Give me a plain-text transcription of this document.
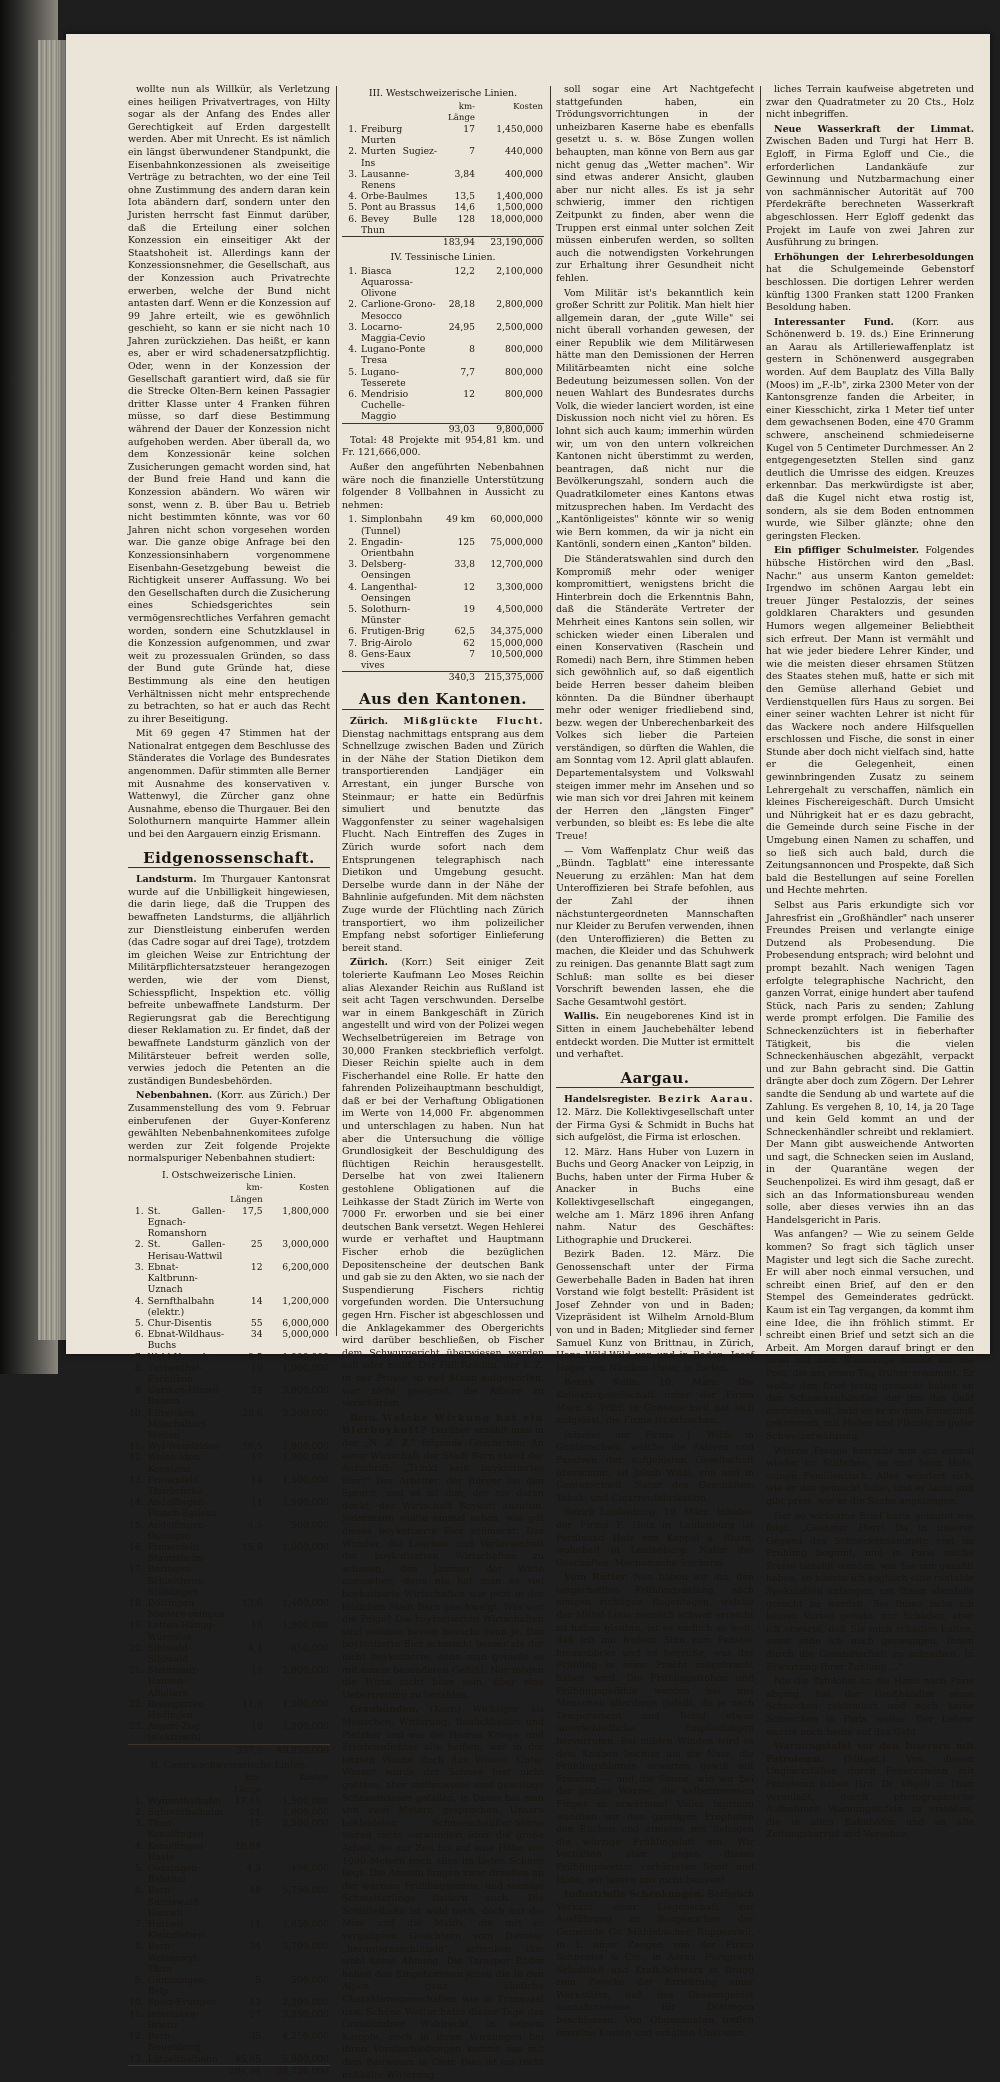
wollte nun als Willkür, als Verletzung eines heiligen Privatvertrages, von Hilty sogar als der Anfang des Endes aller Gerechtigkeit auf Erden dargestellt werden. Aber mit Unrecht. Es ist nämlich ein längst überwundener Standpunkt, die Eisenbahnkonzessionen als zweiseitige Verträge zu betrachten, wo der eine Teil ohne Zustimmung des andern daran kein Iota abändern darf, sondern unter den Juristen herrscht fast Einmut darüber, daß die Erteilung einer solchen Konzession ein einseitiger Akt der Staatshoheit ist. Allerdings kann der Konzessionsnehmer, die Gesellschaft, aus der Konzession auch Privatrechte erwerben, welche der Bund nicht antasten darf. Wenn er die Konzession auf 99 Jahre erteilt, wie es gewöhnlich geschieht, so kann er sie nicht nach 10 Jahren zurückziehen. Das heißt, er kann es, aber er wird schadenersatzpflichtig. Oder, wenn in der Konzession der Gesellschaft garantiert wird, daß sie für die Strecke Olten-Bern keinen Passagier dritter Klasse unter 4 Franken führen müsse, so darf diese Bestimmung während der Dauer der Konzession nicht aufgehoben werden. Aber überall da, wo dem Konzessionär keine solchen Zusicherungen gemacht worden sind, hat der Bund freie Hand und kann die Konzession abändern. Wo wären wir sonst, wenn z. B. über Bau u. Betrieb nicht bestimmten könnte, was vor 60 Jahren nicht schon vorgesehen worden war. Die ganze obige Anfrage bei den Konzessionsinhabern vorgenommene Eisenbahn-Gesetzgebung beweist die Richtigkeit unserer Auffassung. Wo bei den Gesellschaften durch die Zusicherung eines Schiedsgerichtes sein vermögensrechtliches Verfahren gemacht worden, sondern eine Schutzklausel in die Konzession aufgenommen, und zwar weit zu prozessualen Gründen, so dass der Bund gute Gründe hat, diese Bestimmung als eine den heutigen Verhältnissen nicht mehr entsprechende zu betrachten, so hat er auch das Recht zu ihrer Beseitigung.

Mit 69 gegen 47 Stimmen hat der Nationalrat entgegen dem Beschlusse des Ständerates die Vorlage des Bundesrates angenommen. Dafür stimmten alle Berner mit Ausnahme des konservativen v. Wattenwyl, die Zürcher ganz ohne Ausnahme, ebenso die Thurgauer. Bei den Solothurnern manquirte Hammer allein und bei den Aargauern einzig Erismann.

Eidgenossenschaft.

Landsturm. Im Thurgauer Kantonsrat wurde auf die Unbilligkeit hingewiesen, die darin liege, daß die Truppen des bewaffneten Landsturms, die alljährlich zur Dienstleistung einberufen werden (das Cadre sogar auf drei Tage), trotzdem im gleichen Weise zur Entrichtung der Militärpflichtersatzsteuer herangezogen werden, wie der vom Dienst, Schiesspflicht, Inspektion etc. völlig befreite unbewaffnete Landsturm. Der Regierungsrat gab die Berechtigung dieser Reklamation zu. Er findet, daß der bewaffnete Landsturm gänzlich von der Militärsteuer befreit werden solle, verwies jedoch die Petenten an die zuständigen Bundesbehörden.

Nebenbahnen. (Korr. aus Zürich.) Der Zusammenstellung des vom 9. Februar einberufenen der Guyer-Konferenz gewählten Nebenbahnenkomitees zufolge werden zur Zeit folgende Projekte normalspuriger Nebenbahnen studiert:

I. Ostschweizerische Linien.
		km-Längen	Kosten
1.	St. Gallen-Egnach-Romanshorn	17,5	1,800,000
2.	St. Gallen-Herisau-Wattwil	25	3,000,000
3.	Ebnat-Kaltbrunn-Uznach	12	6,200,000
4.	Sernfthalbahn (elektr.)	14	1,200,000
5.	Chur-Disentis	55	6,000,000
6.	Ebnat-Wildhaus-Buchs	34	5,000,000
7.	Wald-Uznach	9,5	1,000,000
8.	Turbenthal-Eschlikon	10	1,000,000
9.	Uerikon-Hinwil-Bauma	24	3,000,000
10.	Effretikon-Mönchaltorf-Meilen	28,6	3,200,000
11.	Wyl-Weinfelden	16,5	1,800,000
12.	Weinfelden-Konstanz	17	1,900,000
13.	Frauenfeld-Thurbrücke	14	1,500,000
14.	Andelfingen-Flaach-Eglisau	11	1,500,000
15.	Andelfingen-Ossingen	4,5	500,000
16.	Frauenfeld-Stammheim	15,8	1,000,000
17.	Beringen-Schleitheim-Stühlingen		
18.	Döttingen Niederweningen	13,6	1,400,000
19.	Letten-Hängg-Würenlos	16	1,800,000
20.	Sihlwald-Sihlwald	4,1	650,000
21.	Steinmaur-Hausen-Affoltern	19	2,000,000
22.	Bremgarten-Hedingen	11,8	1,200,000
23.	Aegeri-Zug (elektrisch)	10	1,200,000
		397,9	49,950,000
II. Centralschweizerische Linien.
		km-Länge	Kosten
1.	Wynenthalbahn	17,15	1,500,000
2.	Suhrenthalbahn	21	1,600,000
3.	Thun-Konolfingen	15	2,500,000
4.	Konolfingen-Hasle	18,84	
5.	Oensingen-Balsthal	4,3	498,000
6.	Bern-Sumiswald-Huttwil	48	5,750,000
7.	Huttwil-Kleindietwyl	11	1,650,000
8.	Bern-Wattenwyl-Thun	34	3,700,000
9.	Gümmingen-Belp	5	500,000
10.	Spiez-Frutigen	13	2,200,000
11.	Interlaken-Brienz	17	3,250,000
12.	Bern-Neuenburg	35	4,250,000
13.	Lützelthalbahn	45,65	5,800,000
		284,94	38,726,000
III. Westschweizerische Linien.
		km-Länge	Kosten
1.	Freiburg Murten	17	1,450,000
2.	Murten Sugiez-Ins	7	440,000
3.	Lausanne-Renens	3,84	400,000
4.	Orbe-Baulmes	13,5	1,400,000
5.	Pont au Brassus	14,6	1,500,000
6.	Bevey Bulle Thun	128	18,000,000
		183,94	23,190,000
IV. Tessinische Linien.
1.	Biasca Aquarossa-Olivone	12,2	2,100,000
2.	Carlione-Grono-Mesocco	28,18	2,800,000
3.	Locarno-Maggia-Cevio	24,95	2,500,000
4.	Lugano-Ponte Tresa	8	800,000
5.	Lugano-Tesserete	7,7	800,000
6.	Mendrisio Cuchelle-Maggio	12	800,000
		93,03	9,800,000

Total: 48 Projekte mit 954,81 km. und Fr. 121,666,000.

Außer den angeführten Nebenbahnen wäre noch die finanzielle Unterstützung folgender 8 Vollbahnen in Aussicht zu nehmen:

1.	Simplonbahn (Tunnel)	49 km	60,000,000
2.	Engadin-Orientbahn	125	75,000,000
3.	Delsberg-Oensingen	33,8	12,700,000
4.	Langenthal-Oensingen	12	3,300,000
5.	Solothurn-Münster	19	4,500,000
6.	Frutigen-Brig	62,5	34,375,000
7.	Brig-Airolo	62	15,000,000
8.	Gens-Eaux vives	7	10,500,000
		340,3	215,375,000
Aus den Kantonen.

Zürich. Mißglückte Flucht. Dienstag nachmittags entsprang aus dem Schnellzuge zwischen Baden und Zürich in der Nähe der Station Dietikon dem transportierenden Landjäger ein Arrestant, ein junger Bursche von Steinmaur; er hatte ein Bedürfnis simuliert und benutzte das Waggonfenster zu seiner wagehalsigen Flucht. Nach Eintreffen des Zuges in Zürich wurde sofort nach dem Entsprungenen telegraphisch nach Dietikon und Umgebung gesucht. Derselbe wurde dann in der Nähe der Bahnlinie aufgefunden. Mit dem nächsten Zuge wurde der Flüchtling nach Zürich transportiert, wo ihm polizeilicher Empfang nebst sofortiger Einlieferung bereit stand.

Zürich. (Korr.) Seit einiger Zeit tolerierte Kaufmann Leo Moses Reichin alias Alexander Reichin aus Rußland ist seit acht Tagen verschwunden. Derselbe war in einem Bankgeschäft in Zürich angestellt und wird von der Polizei wegen Wechselbetrügereien im Betrage von 30,000 Franken steckbrieflich verfolgt. Dieser Reichin spielte auch in dem Fischerhandel eine Rolle. Er hatte den fahrenden Polizeihauptmann beschuldigt, daß er bei der Verhaftung Obligationen im Werte von 14,000 Fr. abgenommen und unterschlagen zu haben. Nun hat aber die Untersuchung die völlige Grundlosigkeit der Beschuldigung des flüchtigen Reichin herausgestellt. Derselbe hat von zwei Italienern gestohlene Obligationen auf die Leihkasse der Stadt Zürich im Werte von 7000 Fr. erworben und sie bei einer deutschen Bank versetzt. Wegen Hehlerei wurde er verhaftet und Hauptmann Fischer erhob die bezüglichen Depositenscheine der deutschen Bank und gab sie zu den Akten, wo sie nach der Suspendierung Fischers richtig vorgefunden worden. Die Untersuchung gegen Hrn. Fischer ist abgeschlossen und die Anklagekammer des Obergerichts wird darüber beschließen, ob Fischer dem Schwurgericht überwiesen werden soll oder nicht. Der Fall Reichin, der s. Z. in der Presse so viel Staub aufgeworfen, war nicht geeignet, die Affaire zu verschärfen.

Bern. Welche Wirkung hat ein Bierboykott? Darüber erzählt man in der „N. Z. Z." folgende Geschichte: An einer Wirtschaft der Stadt Bern stand der Aufschrift: „Trinkt kein boykottiertes Bier!" Der Arbeiter, der Bürger las den Spruch, und es ist ihm, der nie daran denkt, der Wirtschaft Boykott anzutun. Jedermann wollte einmal sehen, wie gut dieses boykottierte Bier schmeckt. Das Wunder, die Leerheit und Verlassenheit der boykottierten Wirtschaften zu schauen, den Jammer der Wirte anzusehen; denn nie hat man so viel boykottierte Wirtschaften wie jetzt in der löblichen Stadt Bern geschwelgt. Was war die Folge? Die boykottierten Wirtschaften sind seitdem besser besucht denn je. Das boykottierte Bier schmeckt besser als der nicht boykottierte, denn man genießt es mit einem besonderen Gefühl. Nur mögen die Wirte nicht böse sein, über eine Uebertretung zu bezahlen.

Graubünden. (Korr.) Wichtiger als Menschen, Witterung, Baulichkeiten und Pietzker und wie die Herren Kriegs- und Friedensdichter alle heißen, war in der letzten Woche doch das Wetter. Unter Wasser wurde der Schnee hier nicht gelitten, aber stellenweise sind gewaltige Schneemassen gefallen, in Davos hat man von zwei Metern gesprochen. Unsere bekleideten Schneeschaufler-Söhne waren recht verwundert über die große Arbeit, die zur Zeit bis auf eine Höhe von 1000 Metern noch alles im tiefen Schnee liegt. Die Amseln fangen zwar draußen an der warmen Frühlingssonne, und sonnige Schmetterlinge flattern auch. Die Schlittelbahn ist wohl noch, doch nur die Miss und die Maids, die mit so vergnügten Gesichtern vom Davoser „herunterzuschlitteln", schenken ihm wohl keine Ahnung. Die Tarasper Bäder haben den Eingeborenen jenen die in den Alpen ganz ähnliche Charaktereigenschaften wie in Transvaal usw. Schöne Wetter hatte dieser Tage das Graubündner Wahlrecht, in seinem Kampfe, noch in ihren Wirkungen bei ihren Verabschiedungen kommt das mit dem Bauwesen in Chur. Dies ist ein recht naßkalte Witterung.

soll sogar eine Art Nachtgefecht stattgefunden haben, ein Trödungsvorrichtungen in der unheizbaren Kaserne habe es ebenfalls gesetzt u. s. w. Böse Zungen wollen behaupten, man könne von Bern aus gar nicht genug das „Wetter machen". Wir sind etwas anderer Ansicht, glauben aber nur nicht alles. Es ist ja sehr schwierig, immer den richtigen Zeitpunkt zu finden, aber wenn die Truppen erst einmal unter solchen Zeit müssen einberufen werden, so sollten auch die notwendigsten Vorkehrungen zur Erhaltung ihrer Gesundheit nicht fehlen.

Vom Militär ist's bekanntlich kein großer Schritt zur Politik. Man hielt hier allgemein daran, der „gute Wille" sei nicht überall vorhanden gewesen, der einer Republik wie dem Militärwesen hätte man den Demissionen der Herren Militärbeamten nicht eine solche Bedeutung beizumessen sollen. Von der neuen Wahlart des Bundesrates durchs Volk, die wieder lanciert worden, ist eine Diskussion noch nicht viel zu hören. Es lohnt sich auch kaum; immerhin würden wir, um von den untern volkreichen Kantonen nicht überstimmt zu werden, beantragen, daß nicht nur die Bevölkerungszahl, sondern auch die Quadratkilometer eines Kantons etwas mitzusprechen haben. Im Verdacht des „Kantönligeistes" könnte wir so wenig wie Bern kommen, da wir ja nicht ein Kantönli, sondern einen „Kanton" bilden.

Die Ständeratswahlen sind durch den Kompromiß mehr oder weniger kompromittiert, wenigstens bricht die Hinterbrein doch die Erkenntnis Bahn, daß die Ständeräte Vertreter der Mehrheit eines Kantons sein sollen, wir schicken wieder einen Liberalen und einen Konservativen (Raschein und Romedi) nach Bern, ihre Stimmen heben sich gewöhnlich auf, so daß eigentlich beide Herren besser daheim bleiben könnten. Da die Bündner überhaupt mehr oder weniger friedliebend sind, bezw. wegen der Unberechenbarkeit des Volkes sich lieber die Parteien verständigen, so dürften die Wahlen, die am Sonntag vom 12. April glatt ablaufen. Departementalsystem und Volkswahl steigen immer mehr im Ansehen und so wie man sich vor drei Jahren mit keinem der Herren den „längsten Finger" verbunden, so bleibt es: Es lebe die alte Treue!

— Vom Waffenplatz Chur weiß das „Bündn. Tagblatt" eine interessante Neuerung zu erzählen: Man hat dem Unteroffizieren bei Strafe befohlen, aus der Zahl der ihnen nächstuntergeordneten Mannschaften nur Kleider zu Berufen verwenden, ihnen (den Unteroffizieren) die Betten zu machen, die Kleider und das Schuhwerk zu reinigen. Das genannte Blatt sagt zum Schluß: man sollte es bei dieser Vorschrift bewenden lassen, ehe die Sache Gesamtwohl gestört.

Wallis. Ein neugeborenes Kind ist in Sitten in einem Jauchebehälter lebend entdeckt worden. Die Mutter ist ermittelt und verhaftet.

Aargau.

Handelsregister. Bezirk Aarau. 12. März. Die Kollektivgesellschaft unter der Firma Gysi & Schmidt in Buchs hat sich aufgelöst, die Firma ist erloschen.

12. März. Hans Huber von Luzern in Buchs und Georg Anacker von Leipzig, in Buchs, haben unter der Firma Huber & Anacker in Buchs eine Kollektivgesellschaft eingegangen, welche am 1. März 1896 ihren Anfang nahm. Natur des Geschäftes: Lithographie und Druckerei.

Bezirk Baden. 12. März. Die Genossenschaft unter der Firma Gewerbehalle Baden in Baden hat ihren Vorstand wie folgt bestellt: Präsident ist Josef Zehnder von und in Baden; Vizepräsident ist Wilhelm Arnold-Blum von und in Baden; Mitglieder sind ferner Samuel Kunz von Brittnau, in Zürich, Hans Wild-Wild von und in Baden, Josef Hager von Nänikon-Uster, in Baden.

Bezirk Kulm. 10. März. Die Kollektivgesellschaft unter der Firma Merz & Wildi in Gontenschwil hat sich aufgelöst, die Firma ist erloschen.

Inhaber der Firma J. Wildi in Gontenschwil, welche die Aktiven und Passiven der aufgelösten Gesellschaft übernimmt, ist Jakob Wildi, von und in Gontenschwil. Natur des Geschäftes: Tabak- und Cigarrenfabrikation.

Bezirk Laufenburg. 10. März. Inhaber der Firma F. Holz in Laufenburg ist Ferdinand Holz von Kappel a. Rhein, wohnhaft in Laufenburg. Natur des Geschäftes: Mechanische Stickerei.

Vom Rütter. Nun haben wir ihn, den langerhofften Frühlingsanfang, nach einigen richtigen Regentagen, welche der Mittel-Linie ziemlich schwer erreicht zu haben glaubte, ist es endlich so weit, daß ich mit frohem Sinn zum Fenster hinausblicke und es begrüße, was der Frühling in seine Pracht mitgebracht haben wird. Die Frühlingsfrohen und Frühlingsgefühle werden bei uns Menschen allerdings geteilt, da je nach Temperament und Beruf etwas unterschiedliche Empfindungen hervorrufen. Bei milden Winden wird es dem Knaben leichter um die Nase, die Frühlingsblumen erwarten gewiß mit Freuden — und die Sonne, wie wir bei der großen Wärme, die halberfrorenen Finger zu erwärmen! Voller Ingrimm wandten wir den garstigen Propheten den Rücken und atmeten mit Behagen die würzige Frühlingsluft ein. Wir Verhalten aber gegen dieses Frühlingswetter verhärteten Spott und Hohn, wir lassen uns nicht beirren!

Industrielle Schenkungen. Bezüglich Verkauf einer Liegenschaft zur Ausführung zu Baugesuchen der Gemeinde Gr. Mühlebacher, Rupperswil, in 1. einer Zeugen von der Firma Schneider & Cie., in Aarau, Fürsprech Schultheß und Kraft-Schwarz in Brugg zum Zwecke der Errichtung einer Werkstätte, daß das Gesamtgebiet ausnahmsweise für Döttingen beschlossen: Von Obgenannten treffen einzelne Kosten und erhalten Unkosten.

liches Terrain kaufweise abgetreten und zwar den Quadratmeter zu 20 Cts., Holz nicht inbegriffen.

Neue Wasserkraft der Limmat. Zwischen Baden und Turgi hat Herr B. Egloff, in Firma Egloff und Cie., die erforderlichen Landankäufe zur Gewinnung und Nutzbarmachung einer von sachmännischer Autorität auf 700 Pferdekräfte berechneten Wasserkraft abgeschlossen. Herr Egloff gedenkt das Projekt im Laufe von zwei Jahren zur Ausführung zu bringen.

Erhöhungen der Lehrerbesoldungen hat die Schulgemeinde Gebenstorf beschlossen. Die dortigen Lehrer werden künftig 1300 Franken statt 1200 Franken Besoldung haben.

Interessanter Fund. (Korr. aus Schönenwerd b. 19. ds.) Eine Erinnerung an Aarau als Artilleriewaffenplatz ist gestern in Schönenwerd ausgegraben worden. Auf dem Bauplatz des Villa Bally (Moos) im „F.-lb", zirka 2300 Meter von der Kantonsgrenze fanden die Arbeiter, in einer Kiesschicht, zirka 1 Meter tief unter dem gewachsenen Boden, eine 470 Gramm schwere, anscheinend schmiedeiserne Kugel von 5 Centimeter Durchmesser. An 2 entgegengesetzten Stellen sind ganz deutlich die Umrisse des eidgen. Kreuzes erkennbar. Das merkwürdigste ist aber, daß die Kugel nicht etwa rostig ist, sondern, als sie dem Boden entnommen wurde, wie Silber glänzte; ohne den geringsten Flecken.

Ein pfiffiger Schulmeister. Folgendes hübsche Histörchen wird den „Basl. Nachr." aus unserm Kanton gemeldet: Irgendwo im schönen Aargau lebt ein treuer Jünger Pestalozzis, der seines goldklaren Charakters und gesunden Humors wegen allgemeiner Beliebtheit sich erfreut. Der Mann ist vermählt und hat wie jeder biedere Lehrer Kinder, und wie die meisten dieser ehrsamen Stützen des Staates stehen muß, hatte er sich mit den Gemüse allerhand Gebiet und Verdienstquellen fürs Haus zu sorgen. Bei einer seiner wachten Lehrer ist nicht für das Wackere noch andere Hilfsquellen erschlossen und Fische, die sonst in einer Stunde aber doch nicht vielfach sind, hatte er die Gelegenheit, einen gewinnbringenden Zusatz zu seinem Lehrergehalt zu verschaffen, nämlich ein kleines Fischereigeschäft. Durch Umsicht und Nührigkeit hat er es dazu gebracht, die Gemeinde durch seine Fische in der Umgebung einen Namen zu schaffen, und so ließ sich auch bald, durch die Zeitungsannoncen und Prospekte, daß Sich bald die Bestellungen auf seine Forellen und Hechte mehrten.

Selbst aus Paris erkundigte sich vor Jahresfrist ein „Großhändler" nach unserer Freundes Preisen und verlangte einige Dutzend als Probesendung. Die Probesendung entsprach; wird belohnt und prompt bezahlt. Nach wenigen Tagen erfolgte telegraphische Nachricht, den ganzen Vorrat, einige hundert aber taufend Stück, nach Paris zu senden; Zahlung werde prompt erfolgen. Die Familie des Schneckenzüchters ist in fieberhafter Tätigkeit, bis die vielen Schneckenhäuschen abgezählt, verpackt und zur Bahn gebracht sind. Die Gattin drängte aber doch zum Zögern. Der Lehrer sandte die Sendung ab und wartete auf die Zahlung. Es vergehen 8, 10, 14, ja 20 Tage und kein Geld kommt an und der Schneckenhändler schreibt und reklamiert. Der Mann gibt ausweichende Antworten und sagt, die Schnecken seien im Ausland, in der Quarantäne wegen der Seuchenpolizei. Es wird ihm gesagt, daß er sich an das Informationsbureau wenden solle, aber dieses verwies ihn an das Handelsgericht in Paris.

Was anfangen? — Wie zu seinem Gelde kommen? So fragt sich täglich unser Magister und legt sich die Sache zurecht. Er will aber noch einmal versuchen, und schreibt einen Brief, auf den er den Stempel des Gemeinderates gedrückt. Kaum ist ein Tag vergangen, da kommt ihm eine Idee, die ihn fröhlich stimmt. Er schreibt einen Brief und setzt sich an die Arbeit. Am Morgen darauf bringt er den Brief mit dem Nachtzuge hinaus auf die Post, die um einen Tag früher ankommt. Er wollte den Brief fertig gemacht haben an den Schneckenhändler, der ihm das Geld einziehen soll, bald ist er zu dem Entschluß gekommen, mit Heller und Pfennig in guter Schweizerwährung.

Welche Freude herrscht nun auf einmal wieder im Stübchen, an und beim Hofe, seinen Familientisch. Alles wundert sich, wie er das gemacht habe, und er lacht und gibt preis, wie er die Sache angefangen.

Der so wirksame Brief hatte gelautet wie folgt: „Geehrter Herr! Da in unserer Gegend das Schneckensammeln erst im Frühling beginnt, und in Paris solche Preise bezahlt werden, wie Sie mir gezahlt haben, so könnte ich sogleich eine rentable Spekulation anfangen, um Ihnen ebenfalls gerecht zu werden. Bei Ihnen habe ich keinen Vorteil gehabt, nur Schaden, aber ich erwarte, daß Sie mich schadlos halten, sonst sähe ich mich gezwungen, Ihnen durch die Gesandtschaft zu schreiben. In Erwartung Ihrer Zahlung ..."

Nie die Tafelobst an die Hand nach Paris abging, hat der Großhändler seine Schnecken reklamiert und noch keine Schnecken in Paris weiter. Der Lehrer wartet noch heute auf das Geld.

Warnungstafel vor den Inserern mit Petroleum. (Mitget.) Von diesen Unglücksfällen durch Feuerzünden mit Petroleum haben Hrn. Dr. Vögeli in Thun veranlaßt, durch photographische Aufnahmen Warnungstafeln zu erstellen, die in allen Bahnhöfen und an alle Zeitungskarriel und Versehen.
